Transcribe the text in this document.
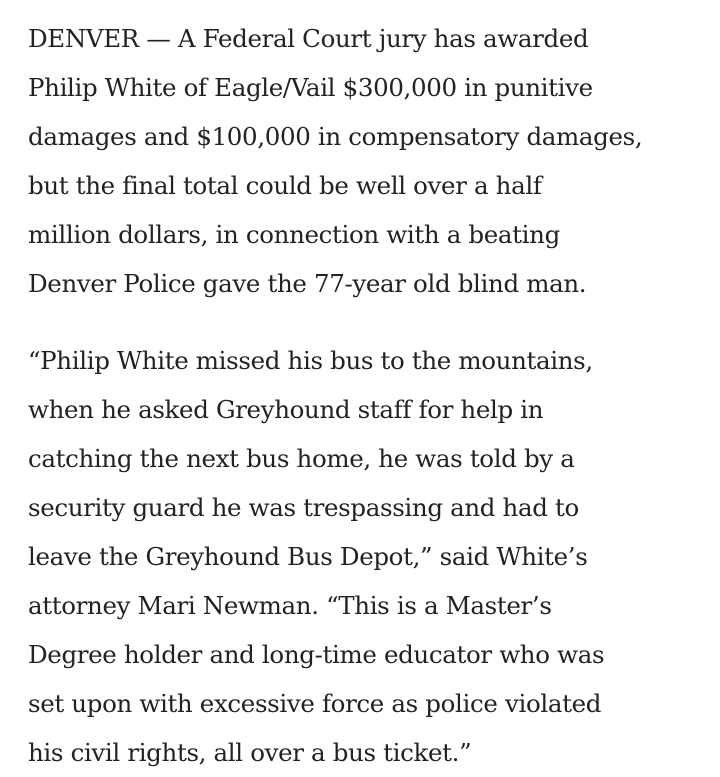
DENVER — A Federal Court jury has awarded
Philip White of Eagle/Vail $300,000 in punitive
damages and $100,000 in compensatory damages,
but the final total could be well over a half
million dollars, in connection with a beating
Denver Police gave the 77-year old blind man.

“Philip White missed his bus to the mountains,
when he asked Greyhound staff for help in
catching the next bus home, he was told by a
security guard he was trespassing and had to
leave the Greyhound Bus Depot,” said White’s
attorney Mari Newman. “This is a Master’s
Degree holder and long-time educator who was
set upon with excessive force as police violated
his civil rights, all over a bus ticket.”
